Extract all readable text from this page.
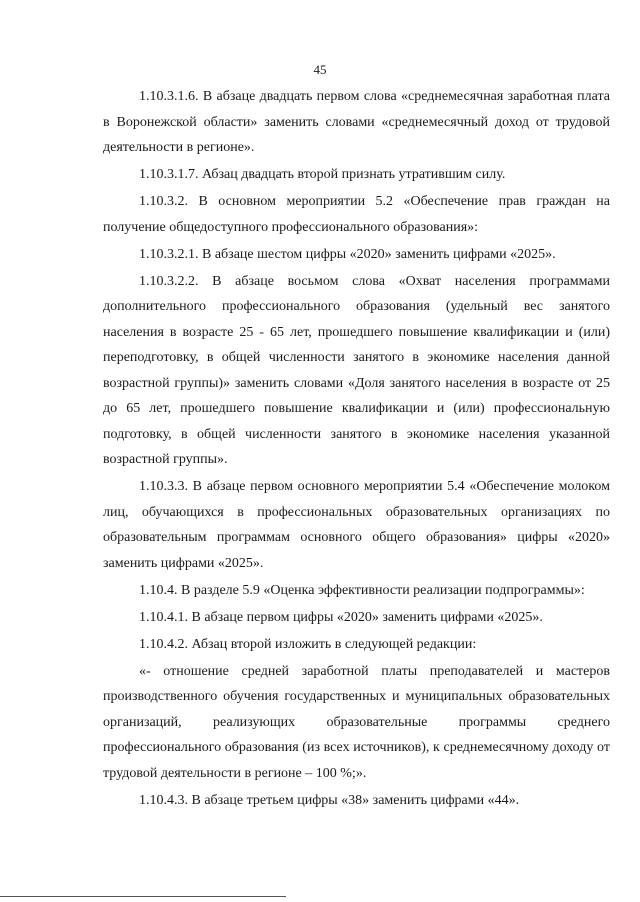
45

1.10.3.1.6. В абзаце двадцать первом слова «среднемесячная заработная плата в Воронежской области» заменить словами «среднемесячный доход от трудовой деятельности в регионе».

1.10.3.1.7. Абзац двадцать второй признать утратившим силу.

1.10.3.2. В основном мероприятии 5.2 «Обеспечение прав граждан на получение общедоступного профессионального образования»:

1.10.3.2.1. В абзаце шестом цифры «2020» заменить цифрами «2025».

1.10.3.2.2. В абзаце восьмом слова «Охват населения программами дополнительного профессионального образования (удельный вес занятого населения в возрасте 25 - 65 лет, прошедшего повышение квалификации и (или) переподготовку, в общей численности занятого в экономике населения данной возрастной группы)» заменить словами «Доля занятого населения в возрасте от 25 до 65 лет, прошедшего повышение квалификации и (или) профессиональную подготовку, в общей численности занятого в экономике населения указанной возрастной группы».

1.10.3.3. В абзаце первом основного мероприятии 5.4 «Обеспечение молоком лиц, обучающихся в профессиональных образовательных организациях по образовательным программам основного общего образования» цифры «2020» заменить цифрами «2025».

1.10.4. В разделе 5.9 «Оценка эффективности реализации подпрограммы»:

1.10.4.1. В абзаце первом цифры «2020» заменить цифрами «2025».

1.10.4.2. Абзац второй изложить в следующей редакции:

«- отношение средней заработной платы преподавателей и мастеров производственного обучения государственных и муниципальных образовательных организаций, реализующих образовательные программы среднего профессионального образования (из всех источников), к среднемесячному доходу от трудовой деятельности в регионе – 100 %;».

1.10.4.3. В абзаце третьем цифры «38» заменить цифрами «44».
